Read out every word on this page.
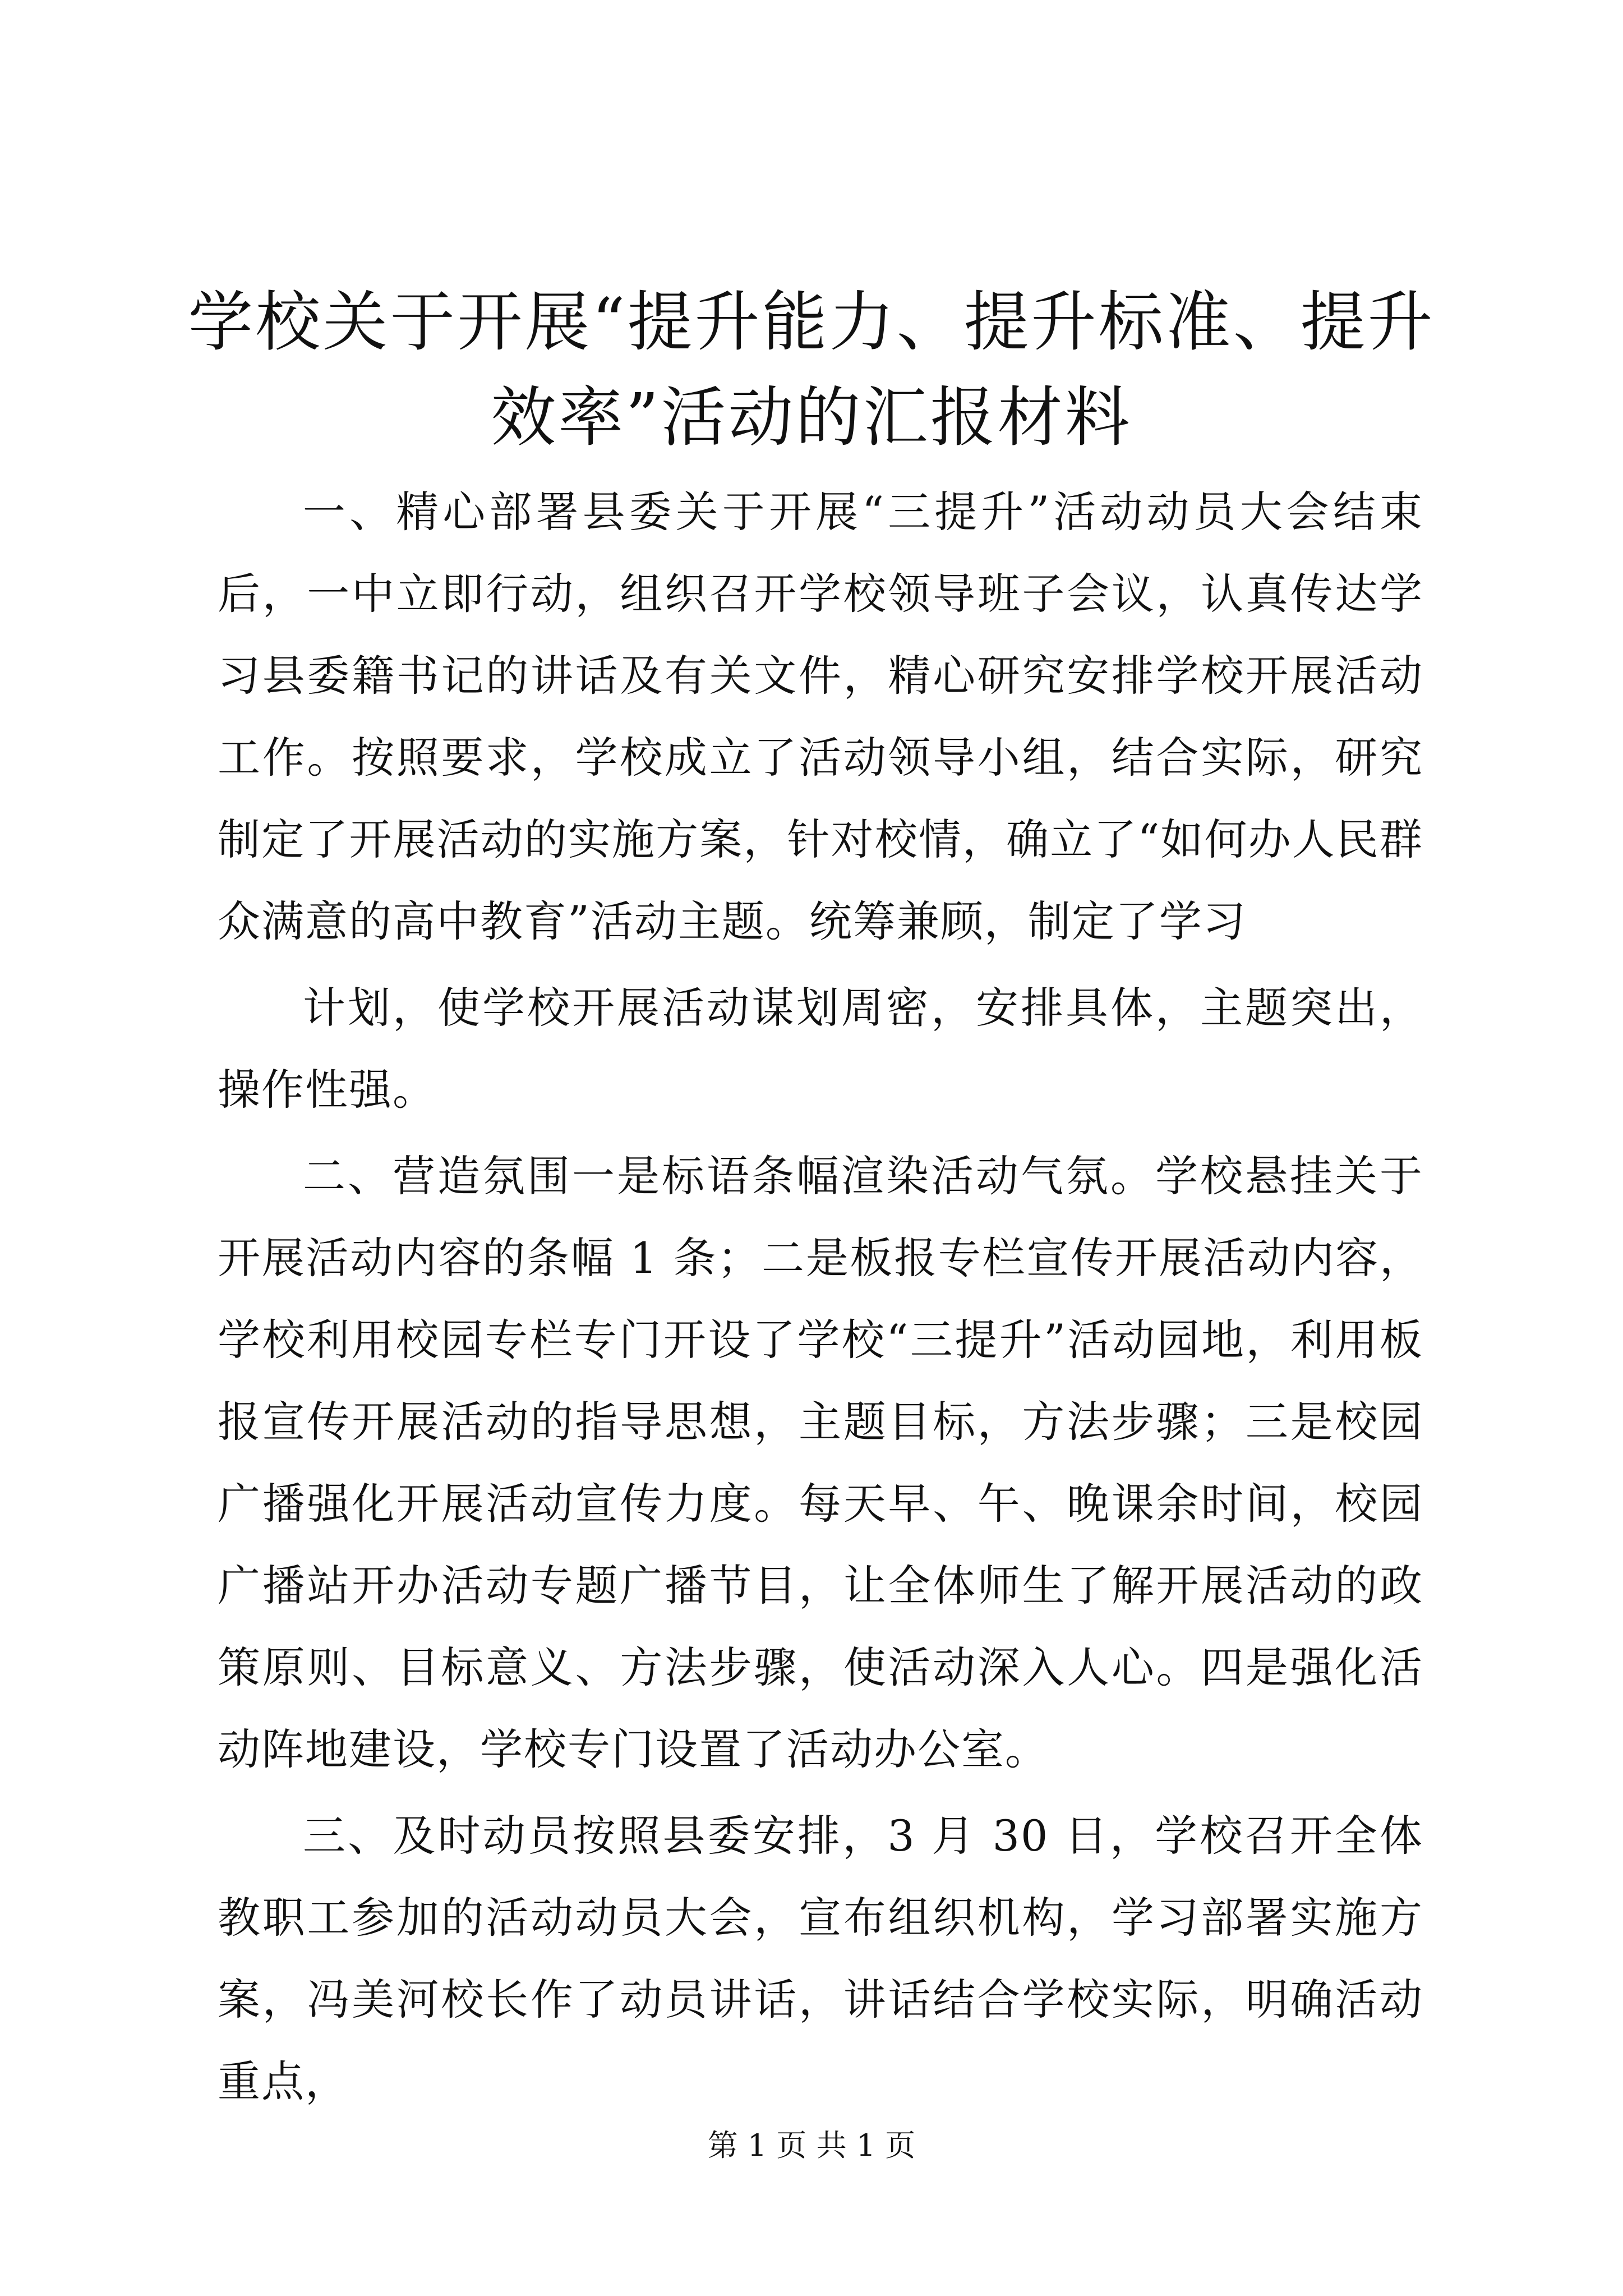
学校关于开展“提升能力、提升标准、提升效率”活动的汇报材料

一、精心部署县委关于开展“三提升”活动动员大会结束后，一中立即行动，组织召开学校领导班子会议，认真传达学习县委籍书记的讲话及有关文件，精心研究安排学校开展活动工作。按照要求，学校成立了活动领导小组，结合实际，研究制定了开展活动的实施方案，针对校情，确立了“如何办人民群众满意的高中教育”活动主题。统筹兼顾，制定了学习

计划，使学校开展活动谋划周密，安排具体，主题突出，操作性强。

二、营造氛围一是标语条幅渲染活动气氛。学校悬挂关于开展活动内容的条幅 1 条；二是板报专栏宣传开展活动内容，学校利用校园专栏专门开设了学校“三提升”活动园地，利用板报宣传开展活动的指导思想，主题目标，方法步骤；三是校园广播强化开展活动宣传力度。每天早、午、晚课余时间，校园广播站开办活动专题广播节目，让全体师生了解开展活动的政策原则、目标意义、方法步骤，使活动深入人心。四是强化活动阵地建设，学校专门设置了活动办公室。

三、及时动员按照县委安排，3 月 30 日，学校召开全体教职工参加的活动动员大会，宣布组织机构，学习部署实施方案，冯美河校长作了动员讲话，讲话结合学校实际，明确活动重点，

第 1 页 共 1 页
